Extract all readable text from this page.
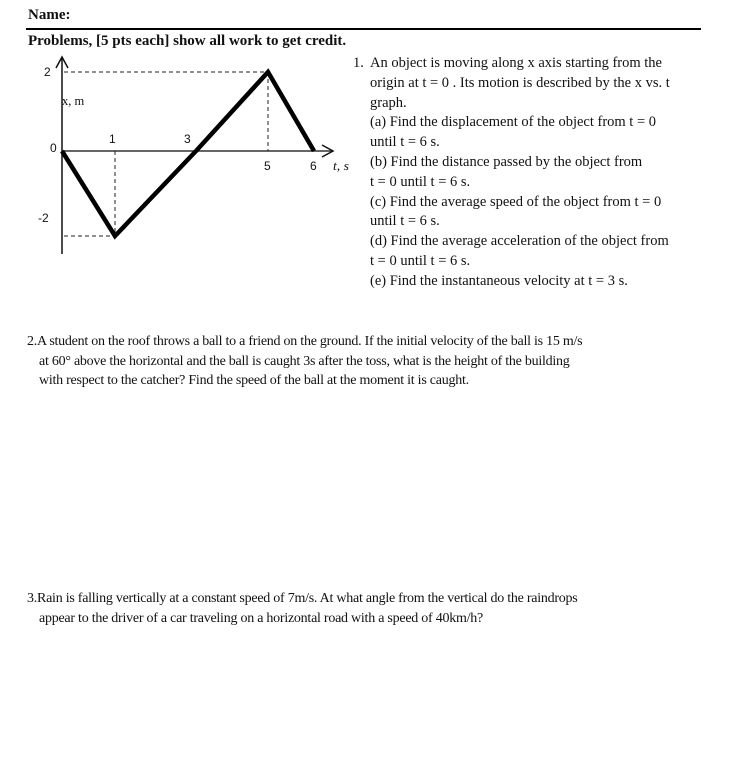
Name:
Problems, [5 pts each] show all work to get credit.
2
0
-2
1	3
5	6
x, m
t, s
1. An object is moving along x axis starting from the
origin at t = 0 . Its motion is described by the x vs. t
graph.
(a) Find the displacement of the object from t = 0
until t = 6 s.
(b) Find the distance passed by the object from
t = 0 until t = 6 s.
(c) Find the average speed of the object from t = 0
until t = 6 s.
(d) Find the average acceleration of the object from
t = 0 until t = 6 s.
(e) Find the instantaneous velocity at t = 3 s.
2.A student on the roof throws a ball to a friend on the ground. If the initial velocity of the ball is 15 m/s
at 60° above the horizontal and the ball is caught 3s after the toss, what is the height of the building
with respect to the catcher? Find the speed of the ball at the moment it is caught.
3.Rain is falling vertically at a constant speed of 7m/s. At what angle from the vertical do the raindrops
appear to the driver of a car traveling on a horizontal road with a speed of 40km/h?
